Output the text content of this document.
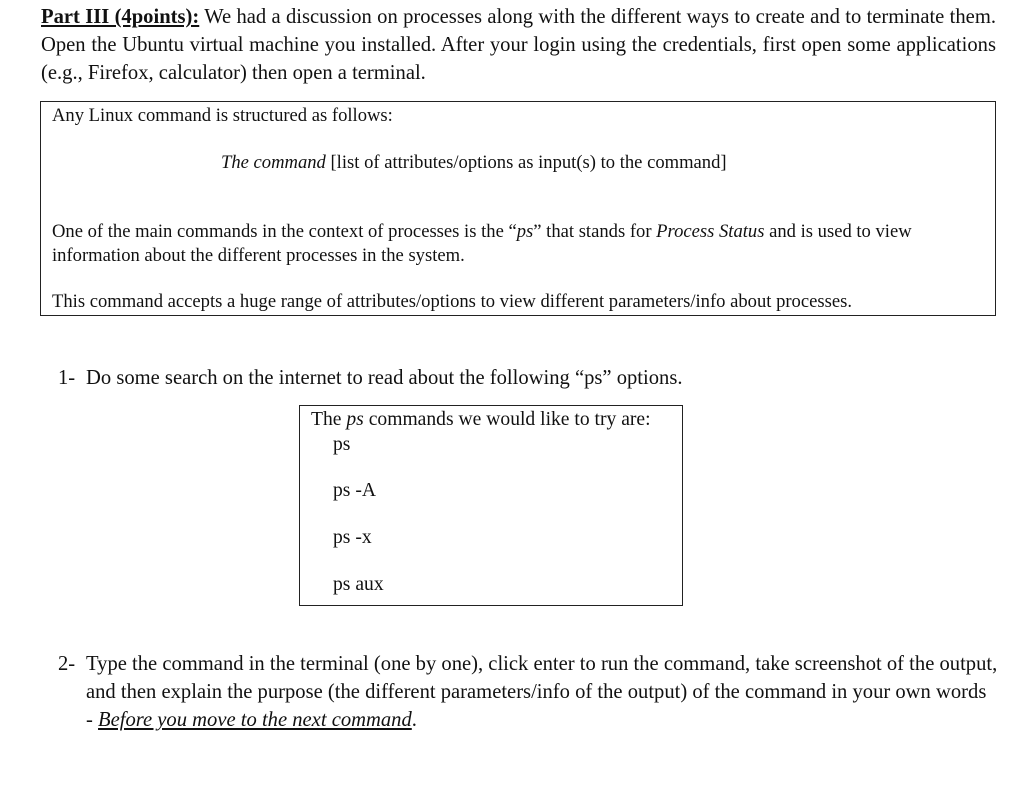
Part III (4points): We had a discussion on processes along with the different ways to create and to terminate them. Open the Ubuntu virtual machine you installed. After your login using the credentials, first open some applications (e.g., Firefox, calculator) then open a terminal.
Any Linux command is structured as follows:
The command [list of attributes/options as input(s) to the command]
One of the main commands in the context of processes is the “ps” that stands for Process Status and is used to view information about the different processes in the system.
This command accepts a huge range of attributes/options to view different parameters/info about processes.
1- Do some search on the internet to read about the following “ps” options.
The ps commands we would like to try are:
ps
ps -A
ps -x
ps aux
2- Type the command in the terminal (one by one), click enter to run the command, take screenshot of the output, and then explain the purpose (the different parameters/info of the output) of the command in your own words - Before you move to the next command.
